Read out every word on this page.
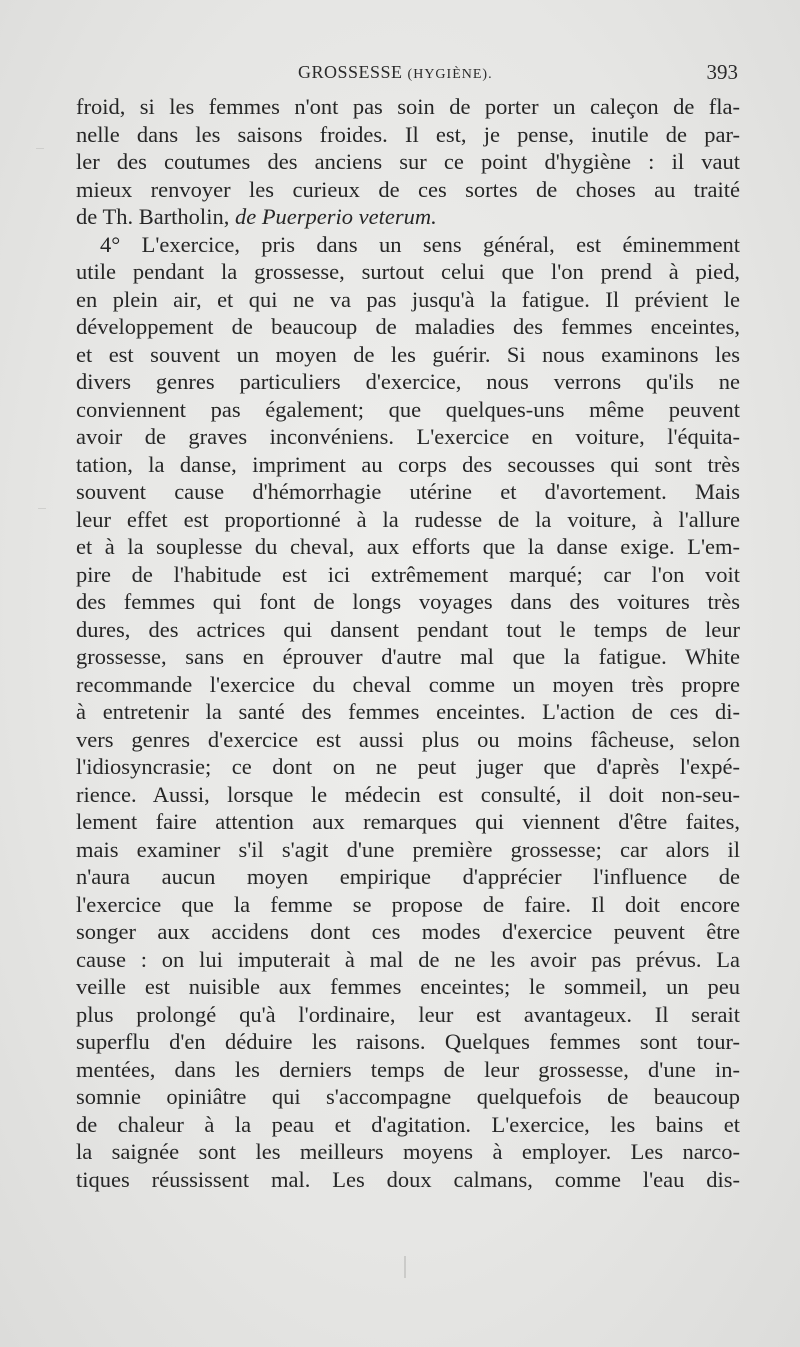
GROSSESSE (HYGIÈNE).	393
froid, si les femmes n'ont pas soin de porter un caleçon de fla-
nelle dans les saisons froides. Il est, je pense, inutile de par-
ler des coutumes des anciens sur ce point d'hygiène : il vaut
mieux renvoyer les curieux de ces sortes de choses au traité
de Th. Bartholin, de Puerperio veterum.
4° L'exercice, pris dans un sens général, est éminemment
utile pendant la grossesse, surtout celui que l'on prend à pied,
en plein air, et qui ne va pas jusqu'à la fatigue. Il prévient le
développement de beaucoup de maladies des femmes enceintes,
et est souvent un moyen de les guérir. Si nous examinons les
divers genres particuliers d'exercice, nous verrons qu'ils ne
conviennent pas également; que quelques-uns même peuvent
avoir de graves inconvéniens. L'exercice en voiture, l'équita-
tation, la danse, impriment au corps des secousses qui sont très
souvent cause d'hémorrhagie utérine et d'avortement. Mais
leur effet est proportionné à la rudesse de la voiture, à l'allure
et à la souplesse du cheval, aux efforts que la danse exige. L'em-
pire de l'habitude est ici extrêmement marqué; car l'on voit
des femmes qui font de longs voyages dans des voitures très
dures, des actrices qui dansent pendant tout le temps de leur
grossesse, sans en éprouver d'autre mal que la fatigue. White
recommande l'exercice du cheval comme un moyen très propre
à entretenir la santé des femmes enceintes. L'action de ces di-
vers genres d'exercice est aussi plus ou moins fâcheuse, selon
l'idiosyncrasie; ce dont on ne peut juger que d'après l'expé-
rience. Aussi, lorsque le médecin est consulté, il doit non-seu-
lement faire attention aux remarques qui viennent d'être faites,
mais examiner s'il s'agit d'une première grossesse; car alors il
n'aura aucun moyen empirique d'apprécier l'influence de
l'exercice que la femme se propose de faire. Il doit encore
songer aux accidens dont ces modes d'exercice peuvent être
cause : on lui imputerait à mal de ne les avoir pas prévus. La
veille est nuisible aux femmes enceintes; le sommeil, un peu
plus prolongé qu'à l'ordinaire, leur est avantageux. Il serait
superflu d'en déduire les raisons. Quelques femmes sont tour-
mentées, dans les derniers temps de leur grossesse, d'une in-
somnie opiniâtre qui s'accompagne quelquefois de beaucoup
de chaleur à la peau et d'agitation. L'exercice, les bains et
la saignée sont les meilleurs moyens à employer. Les narco-
tiques réussissent mal. Les doux calmans, comme l'eau dis-
